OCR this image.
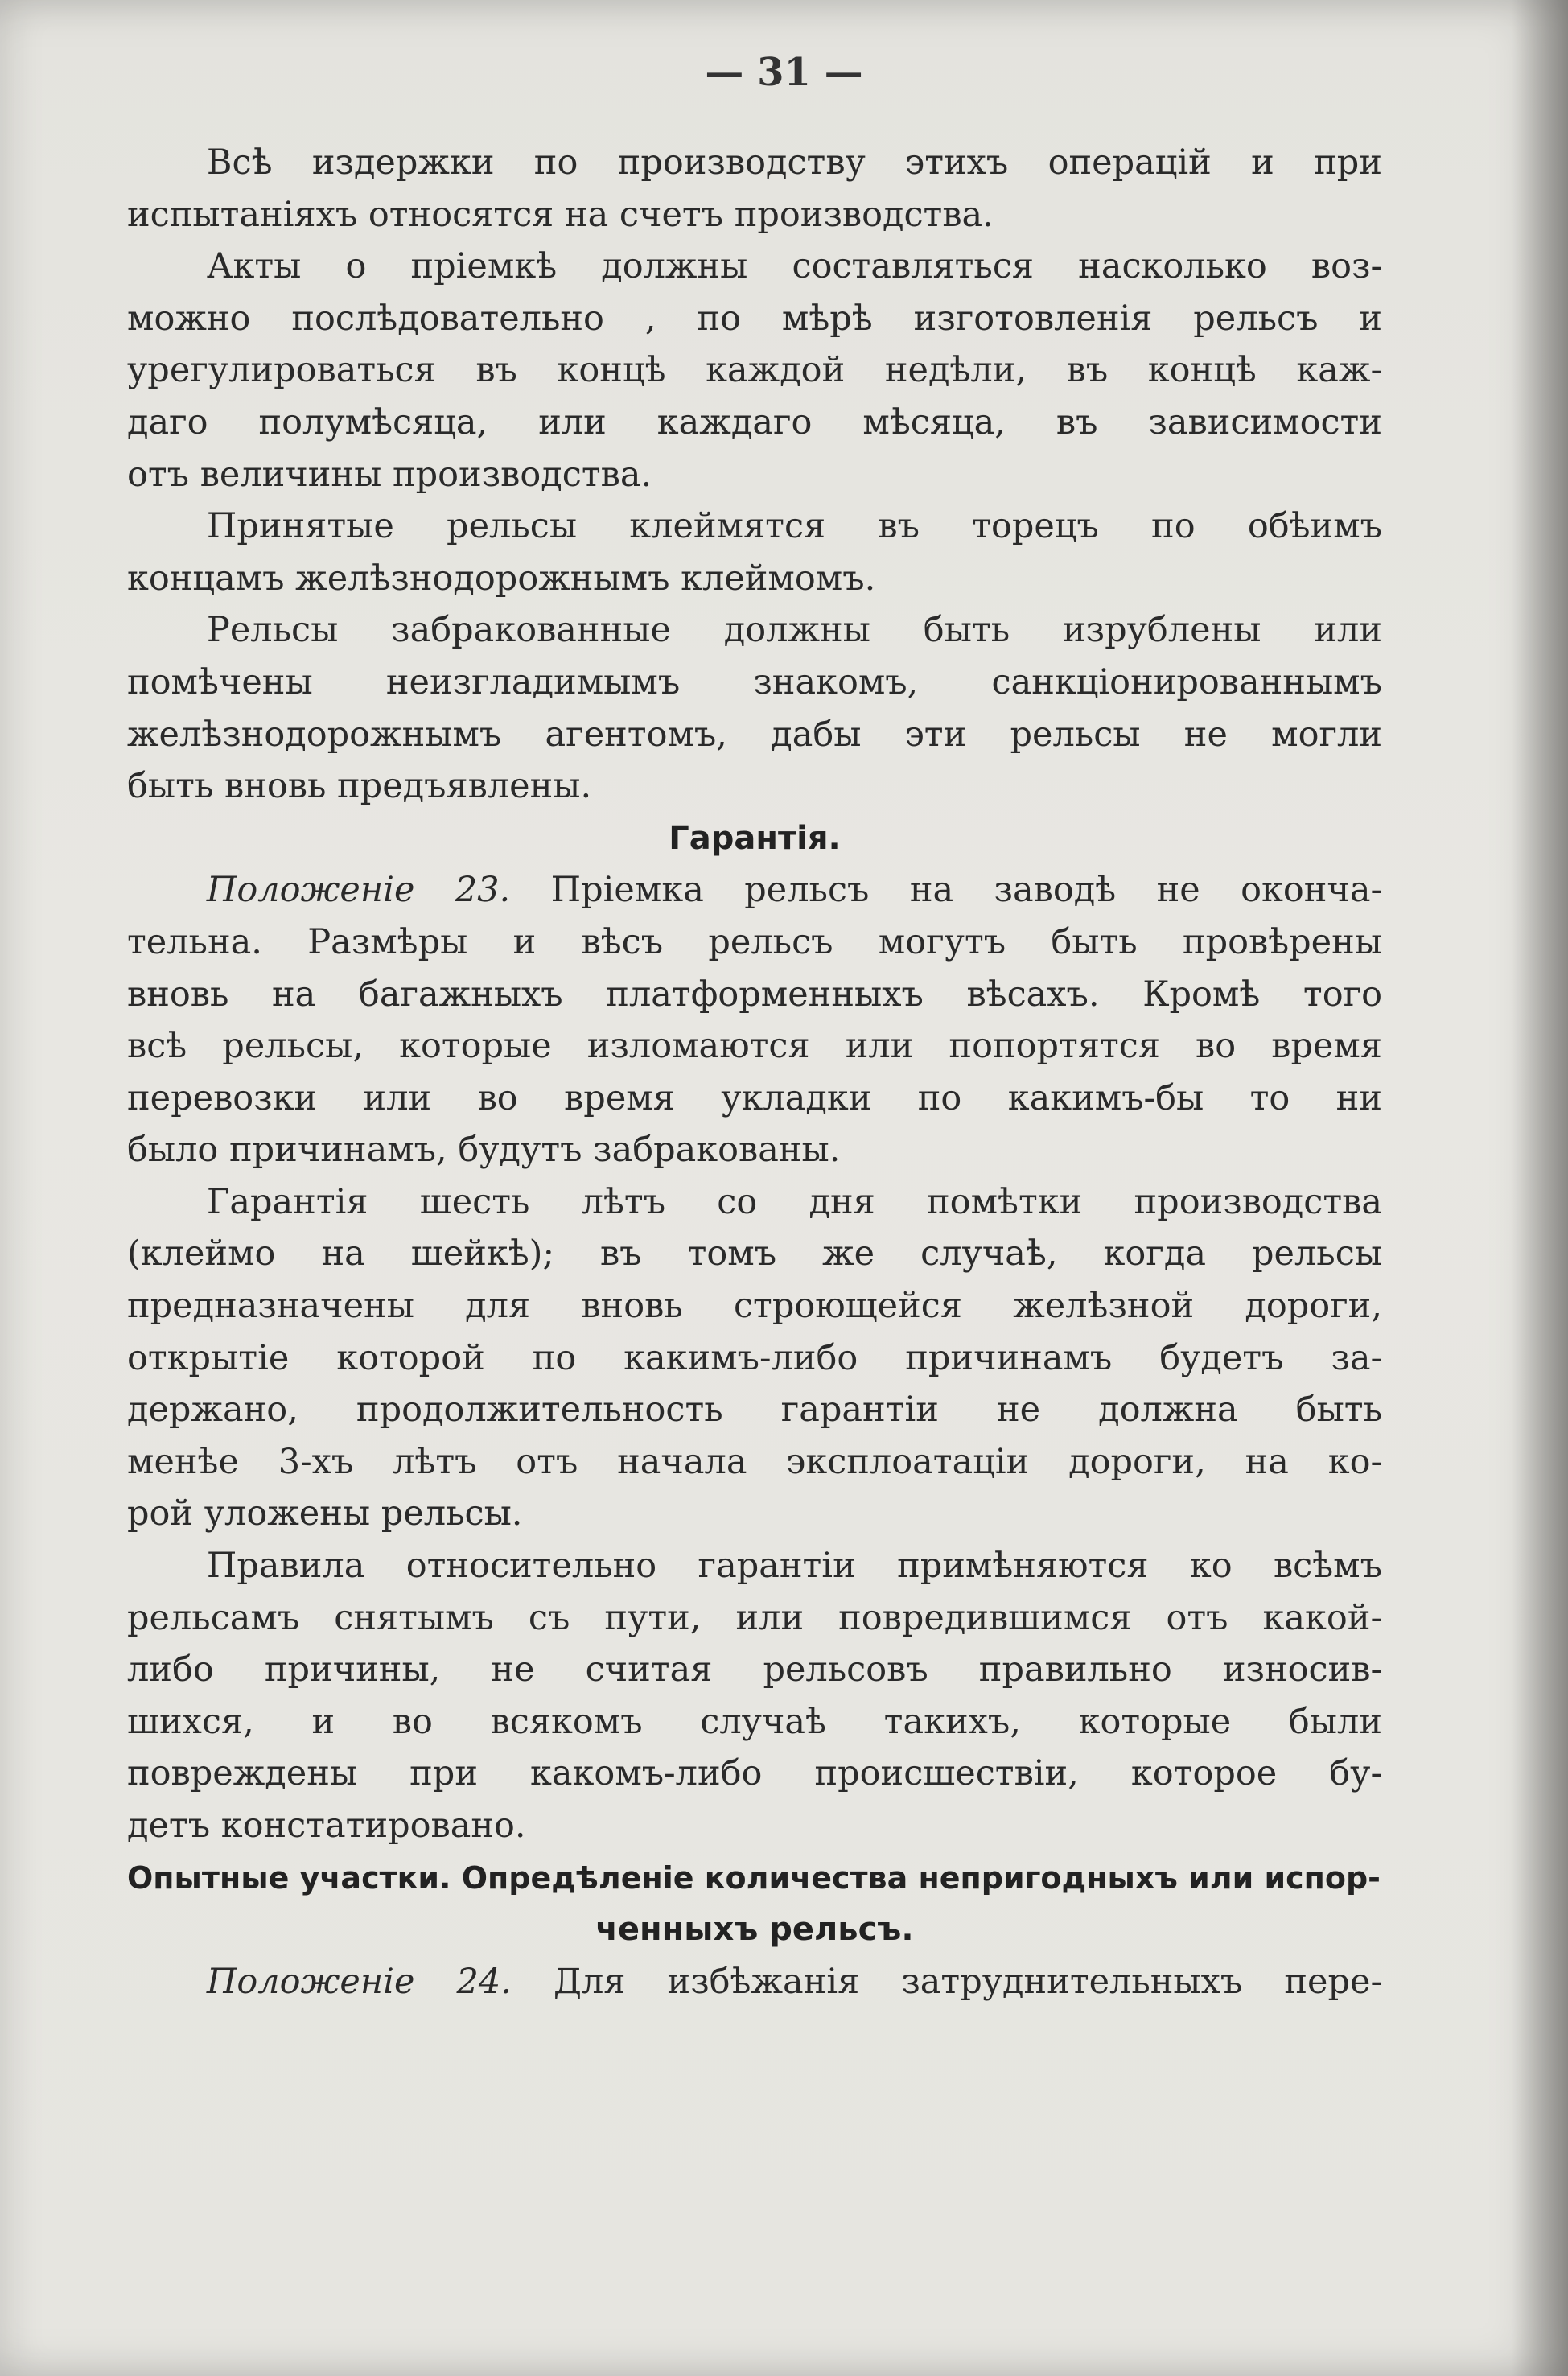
— 31 —
Всѣ издержки по производству этихъ операцій и при
испытаніяхъ относятся на счетъ производства.
Акты о пріемкѣ должны составляться насколько воз-
можно послѣдовательно , по мѣрѣ изготовленія рельсъ и
урегулироваться въ концѣ каждой недѣли, въ концѣ каж-
даго полумѣсяца, или каждаго мѣсяца, въ зависимости
отъ величины производства.
Принятые рельсы клеймятся въ торецъ по обѣимъ
концамъ желѣзнодорожнымъ клеймомъ.
Рельсы забракованные должны быть изрублены или
помѣчены неизгладимымъ знакомъ, санкціонированнымъ
желѣзнодорожнымъ агентомъ, дабы эти рельсы не могли
быть вновь предъявлены.
Гарантія.
Положеніе 23. Пріемка рельсъ на заводѣ не оконча-
тельна. Размѣры и вѣсъ рельсъ могутъ быть провѣрены
вновь на багажныхъ платформенныхъ вѣсахъ. Кромѣ того
всѣ рельсы, которые изломаются или попортятся во время
перевозки или во время укладки по какимъ-бы то ни
было причинамъ, будутъ забракованы.
Гарантія шесть лѣтъ со дня помѣтки производства
(клеймо на шейкѣ); въ томъ же случаѣ, когда рельсы
предназначены для вновь строющейся желѣзной дороги,
открытіе которой по какимъ-либо причинамъ будетъ за-
держано, продолжительность гарантіи не должна быть
менѣе 3-хъ лѣтъ отъ начала эксплоатаціи дороги, на ко-
рой уложены рельсы.
Правила относительно гарантіи примѣняются ко всѣмъ
рельсамъ снятымъ съ пути, или повредившимся отъ какой-
либо причины, не считая рельсовъ правильно износив-
шихся, и во всякомъ случаѣ такихъ, которые были
повреждены при какомъ-либо происшествіи, которое бу-
детъ констатировано.
Опытные участки. Опредѣленіе количества непригодныхъ или испор-
ченныхъ рельсъ.
Положеніе 24. Для избѣжанія затруднительныхъ пере-
